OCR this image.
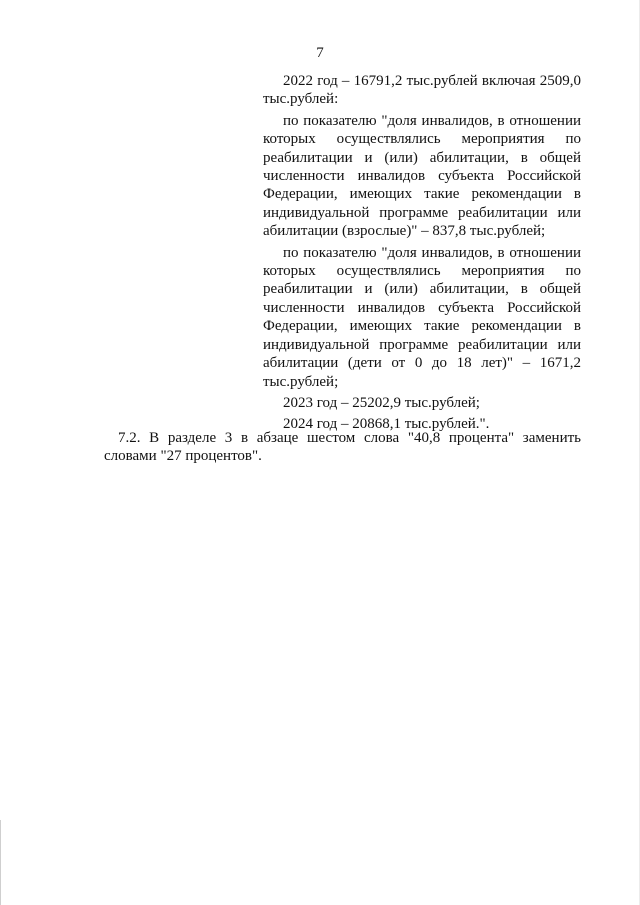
7

2022 год – 16791,2 тыс.рублей включая 2509,0 тыс.рублей:

по показателю "доля инвалидов, в отношении которых осуществлялись мероприятия по реабилитации и (или) абилитации, в общей численности инвалидов субъекта Российской Федерации, имеющих такие рекомендации в индивидуальной программе реабилитации или абилитации (взрослые)" – 837,8 тыс.рублей;

по показателю "доля инвалидов, в отношении которых осуществлялись мероприятия по реабилитации и (или) абилитации, в общей численности инвалидов субъекта Российской Федерации, имеющих такие рекомендации в индивидуальной программе реабилитации или абилитации (дети от 0 до 18 лет)" – 1671,2 тыс.рублей;

2023 год – 25202,9 тыс.рублей;

2024 год – 20868,1 тыс.рублей.".

7.2. В разделе 3 в абзаце шестом слова "40,8 процента" заменить словами "27 процентов".
